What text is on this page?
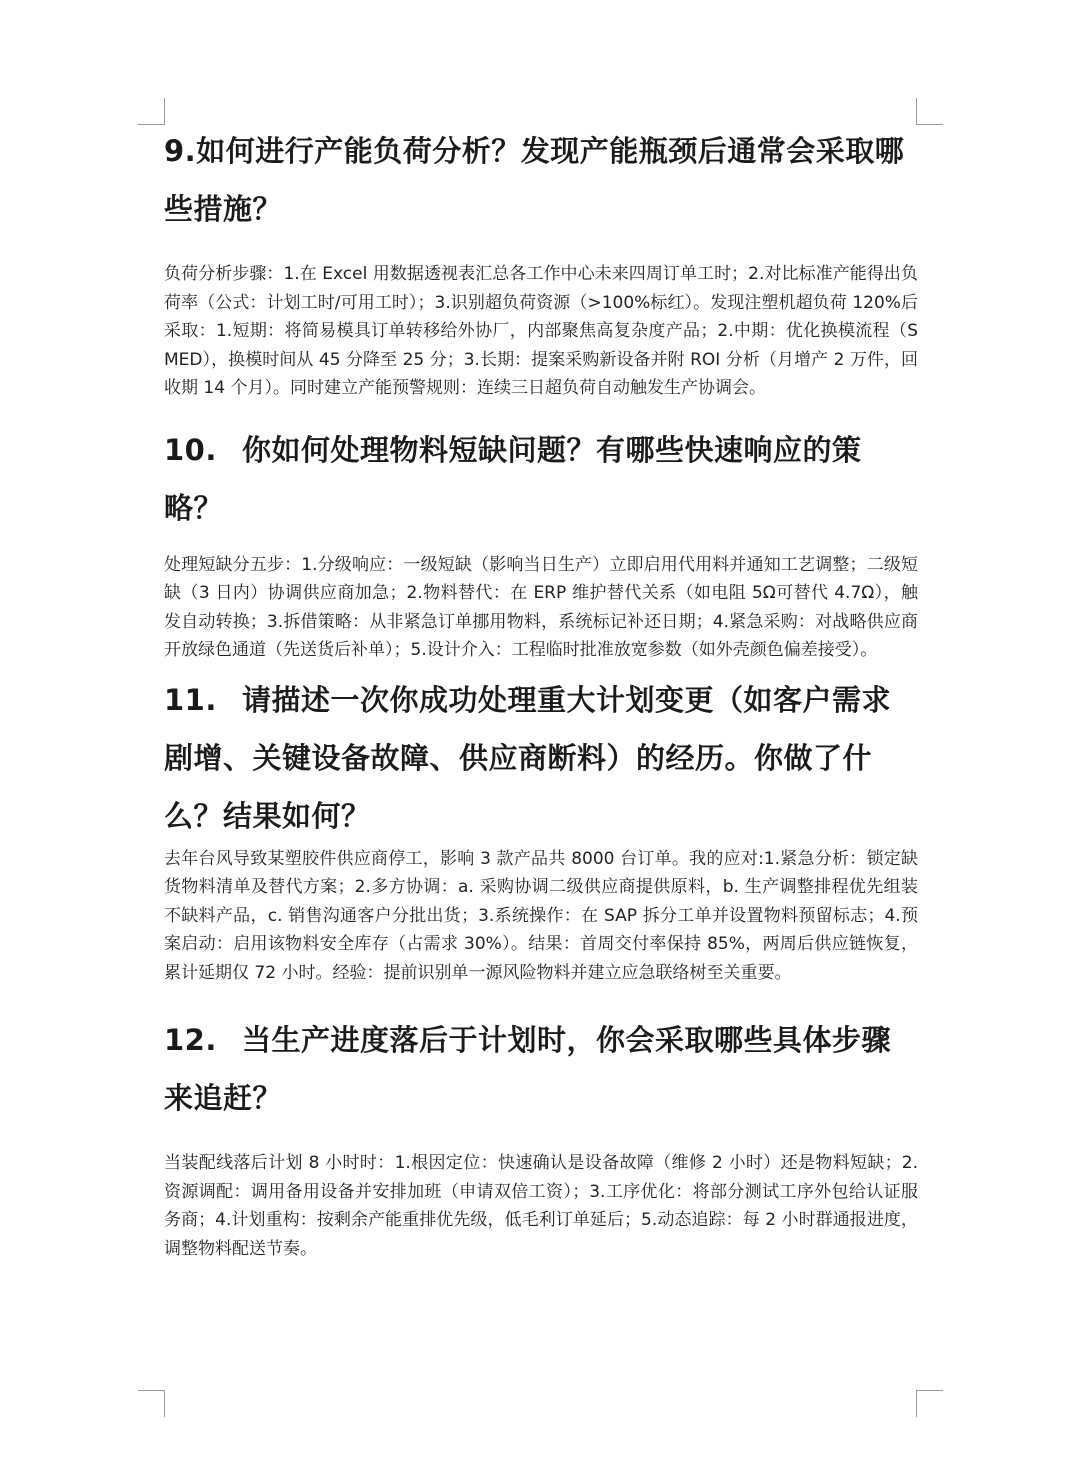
9.如何进行产能负荷分析？发现产能瓶颈后通常会采取哪些措施？

负荷分析步骤：1.在 Excel 用数据透视表汇总各工作中心未来四周订单工时；2.对比标准产能得出负荷率（公式：计划工时/可用工时）；3.识别超负荷资源（>100%标红）。发现注塑机超负荷 120%后采取：1.短期：将简易模具订单转移给外协厂，内部聚焦高复杂度产品；2.中期：优化换模流程（SMED），换模时间从 45 分降至 25 分；3.长期：提案采购新设备并附 ROI 分析（月增产 2 万件，回收期 14 个月）。同时建立产能预警规则：连续三日超负荷自动触发生产协调会。

10. 你如何处理物料短缺问题？有哪些快速响应的策略？

处理短缺分五步：1.分级响应：一级短缺（影响当日生产）立即启用代用料并通知工艺调整；二级短缺（3 日内）协调供应商加急；2.物料替代：在 ERP 维护替代关系（如电阻 5Ω可替代 4.7Ω），触发自动转换；3.拆借策略：从非紧急订单挪用物料，系统标记补还日期；4.紧急采购：对战略供应商开放绿色通道（先送货后补单）；5.设计介入：工程临时批准放宽参数（如外壳颜色偏差接受）。

11. 请描述一次你成功处理重大计划变更（如客户需求剧增、关键设备故障、供应商断料）的经历。你做了什么？结果如何？

去年台风导致某塑胶件供应商停工，影响 3 款产品共 8000 台订单。我的应对:1.紧急分析：锁定缺货物料清单及替代方案；2.多方协调：a. 采购协调二级供应商提供原料，b. 生产调整排程优先组装不缺料产品，c. 销售沟通客户分批出货；3.系统操作：在 SAP 拆分工单并设置物料预留标志；4.预案启动：启用该物料安全库存（占需求 30%）。结果：首周交付率保持 85%，两周后供应链恢复，累计延期仅 72 小时。经验：提前识别单一源风险物料并建立应急联络树至关重要。

12. 当生产进度落后于计划时，你会采取哪些具体步骤来追赶？

当装配线落后计划 8 小时时：1.根因定位：快速确认是设备故障（维修 2 小时）还是物料短缺；2.资源调配：调用备用设备并安排加班（申请双倍工资）；3.工序优化：将部分测试工序外包给认证服务商；4.计划重构：按剩余产能重排优先级，低毛利订单延后；5.动态追踪：每 2 小时群通报进度，调整物料配送节奏。
